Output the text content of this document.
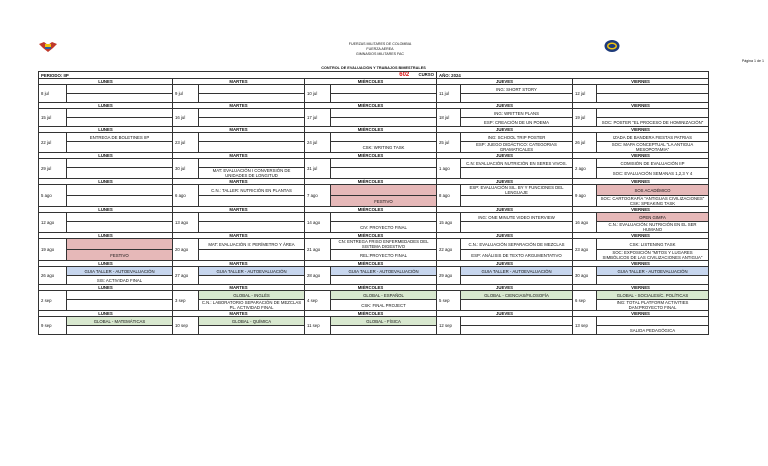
FUERZAS MILITARES DE COLOMBIA
FUERZA AEREA
GIMNASIOS MILITARES FAC
Página 1 de 1
CONTROL DE EVALUACIÓN Y TRABAJOS BIMESTRALES									
PERIODO: IIP		CURSO
602				AÑO: 2024			
LUNES		MARTES		MIÉRCOLES		JUEVES		VIERNES	
8 jul		9 jul		10 jul		11 jul	ING: SHORT STORY	12 jul	

LUNES		MARTES		MIÉRCOLES		JUEVES		VIERNES	
15 jul		16 jul		17 jul		18 jul	ING: WRITTEN PLANS	19 jul	
							ESP: CREACIÓN DE UN POEMA		SOC: POSTER "EL PROCESO DE HOMINIZACIÓN"
LUNES		MARTES		MIÉRCOLES		JUEVES		VIERNES	
22 jul	ENTREGA DE BOLETINES IIP	23 jul		24 jul		25 jul	ING: SCHOOL TRIP POSTER	26 jul	IZADA DE BANDERA FIESTAS PATRIAS
					CSK: WRITING TASK		ESP: JUEGO DIDÁCTICO: CATEGORIAS GRAMATICALES		SOC: MAPA CONCEPTUAL "LA ANTIGUA MESOPOTAMIA"
LUNES		MARTES		MIÉRCOLES		JUEVES		VIERNES	
29 jul		30 jul		31 jul		1 ago	C.N: EVALUACIÓN NUTRICIÓN EN SERES VIVOS.	2 ago	COMISIÓN DE EVALUACIÓN IIP
			MAT: EVALUACIÓN I CONVERSIÓN DE UNIDADES DE LONGITUD						SOC: EVALUACIÓN SEMANAS 1,2,3 Y 4
LUNES		MARTES		MIÉRCOLES		JUEVES		VIERNES	
5 ago		6 ago	C.N.: TALLER: NUTRICIÓN EN PLANTAS	7 ago		8 ago	ESP: EVALUACIÓN SIL. BY Y FUNCIONES DEL LENGUAJE	9 ago	SOS ACADÉMICO
					FESTIVO				SOC: CARTOGRAFÍA "ANTIGUAS CIVILIZACIONES" CSK: SPEAKING TASK
LUNES		MARTES		MIÉRCOLES		JUEVES		VIERNES	
12 ago		13 ago		14 ago		15 ago	ING: ONE MINUTE VIDEO INTERVIEW	16 ago	OPEN GIMFA
					CIV: PROYECTO FINAL				C.N.: EVALUACIÓN: NUTRICIÓN EN EL SER HUMANO
LUNES		MARTES		MIÉRCOLES		JUEVES		VIERNES	
19 ago		20 ago	MAT: EVALUACIÓN II: PERÍMETRO Y ÁREA	21 ago	CN: ENTREGA FRISO ENFERMEDADES DEL SISTEMA DIGESTIVO	22 ago	C.N.: EVALUACIÓN SEPARACIÓN DE MEZCLAS	23 ago	CSK: LISTENING TASK
	FESTIVO				REL:PROYECTO FINAL		ESP: ANÁLISIS DE TEXTO ARGUMENTATIVO		SOC: EXPOSICIÓN "MITOS Y LUGARES SIMBÓLICOS DE LAS CIVILIZACIONES ANTIGUA"
LUNES		MARTES		MIÉRCOLES		JUEVES		VIERNES	
26 ago	GUIA TALLER - AUTOEVALUACIÓN	27 ago	GUIA TALLER - AUTOEVALUACIÓN	28 ago	GUIA TALLER - AUTOEVALUACIÓN	29 ago	GUIA TALLER - AUTOEVALUACIÓN	30 ago	GUIA TALLER - AUTOEVALUACIÓN
	SIS: ACTIVIDAD FINAL								
LUNES		MARTES		MIÉRCOLES		JUEVES		VIERNES	
2 sep		3 sep	GLOBAL - INGLÉS	4 sep	GLOBAL - ESPAÑOL	5 sep	GLOBAL - CIENCIAS/FILOSOFÍA	6 sep	GLOBAL - SOCIALES/C. POLÍTICAS
			C.N.: LABORATORIO SEPARACIÓN DE MEZCLAS PL. ACTIVIDAD FINAL		CSK: FINAL PROJECT				ING: TOTAL PLATFORM ACTIVITIES DAN:PROYECTO FINAL
LUNES		MARTES		MIÉRCOLES		JUEVES		VIERNES	
9 sep	GLOBAL - MATEMÁTICAS	10 sep	GLOBAL - QUÍMICA	11 sep	GLOBAL - FÍSICA	12 sep		13 sep	
									SALIDA PEDAGÓGICA
